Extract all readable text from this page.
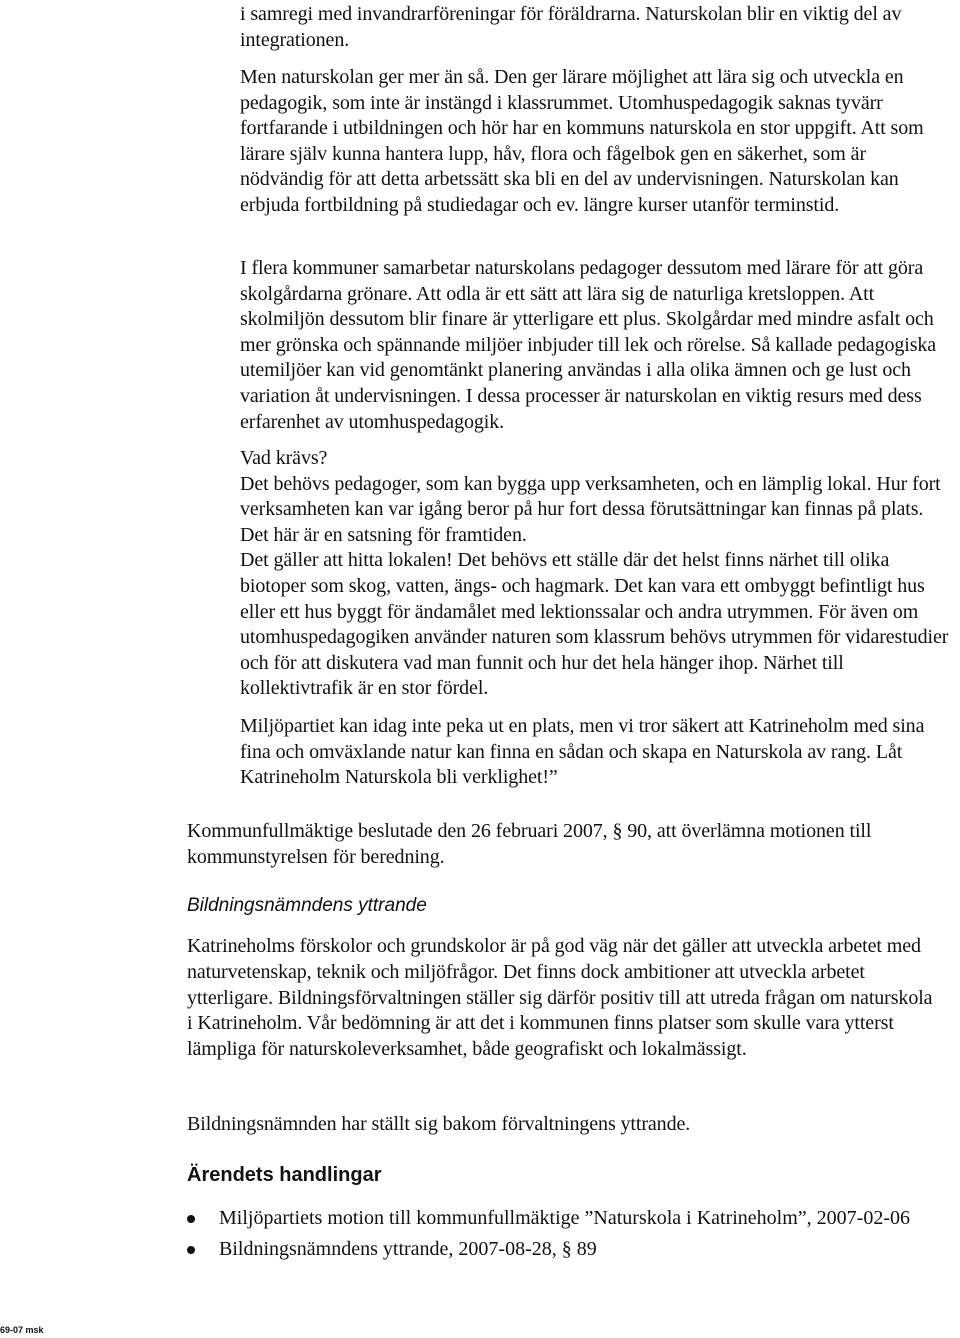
i samregi med invandrarföreningar för föräldrarna. Naturskolan blir en viktig del av integrationen.

Men naturskolan ger mer än så. Den ger lärare möjlighet att lära sig och utveckla en pedagogik, som inte är instängd i klassrummet. Utomhuspedagogik saknas tyvärr fortfarande i utbildningen och hör har en kommuns naturskola en stor uppgift. Att som lärare själv kunna hantera lupp, håv, flora och fågelbok gen en säkerhet, som är nödvändig för att detta arbetssätt ska bli en del av undervisningen. Naturskolan kan erbjuda fortbildning på studiedagar och ev. längre kurser utanför terminstid.

I flera kommuner samarbetar naturskolans pedagoger dessutom med lärare för att göra skolgårdarna grönare. Att odla är ett sätt att lära sig de naturliga kretsloppen. Att skolmiljön dessutom blir finare är ytterligare ett plus. Skolgårdar med mindre asfalt och mer grönska och spännande miljöer inbjuder till lek och rörelse. Så kallade pedagogiska utemiljöer kan vid genomtänkt planering användas i alla olika ämnen och ge lust och variation åt undervisningen. I dessa processer är naturskolan en viktig resurs med dess erfarenhet av utomhuspedagogik.

Vad krävs?

Det behövs pedagoger, som kan bygga upp verksamheten, och en lämplig lokal. Hur fort verksamheten kan var igång beror på hur fort dessa förutsättningar kan finnas på plats. Det här är en satsning för framtiden.

Det gäller att hitta lokalen! Det behövs ett ställe där det helst finns närhet till olika biotoper som skog, vatten, ängs- och hagmark. Det kan vara ett ombyggt befintligt hus eller ett hus byggt för ändamålet med lektionssalar och andra utrymmen. För även om utomhuspedagogiken använder naturen som klassrum behövs utrymmen för vidarestudier och för att diskutera vad man funnit och hur det hela hänger ihop. Närhet till kollektivtrafik är en stor fördel.

Miljöpartiet kan idag inte peka ut en plats, men vi tror säkert att Katrineholm med sina fina och omväxlande natur kan finna en sådan och skapa en Naturskola av rang. Låt Katrineholm Naturskola bli verklighet!”

Kommunfullmäktige beslutade den 26 februari 2007, § 90, att överlämna motionen till kommunstyrelsen för beredning.

Bildningsnämndens yttrande

Katrineholms förskolor och grundskolor är på god väg när det gäller att utveckla arbetet med naturvetenskap, teknik och miljöfrågor. Det finns dock ambitioner att utveckla arbetet ytterligare. Bildningsförvaltningen ställer sig därför positiv till att utreda frågan om naturskola i Katrineholm. Vår bedömning är att det i kommunen finns platser som skulle vara ytterst lämpliga för naturskoleverksamhet, både geografiskt och lokalmässigt.

Bildningsnämnden har ställt sig bakom förvaltningens yttrande.

Ärendets handlingar
Miljöpartiets motion till kommunfullmäktige ”Naturskola i Katrineholm”, 2007-02-06
Bildningsnämndens yttrande, 2007-08-28, § 89

69-07 msk
